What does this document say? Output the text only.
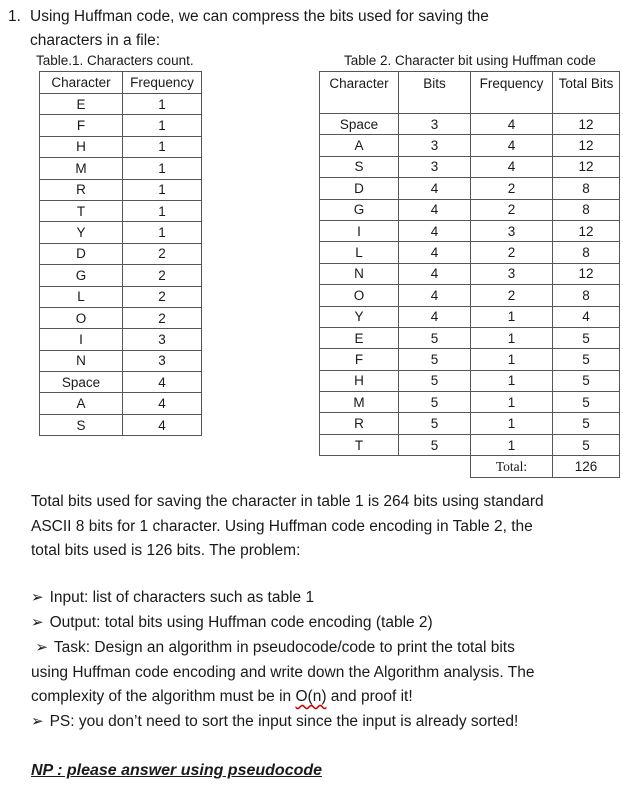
1. Using Huffman code, we can compress the bits used for saving the
characters in a file:
Table.1. Characters count.	Table 2. Character bit using Huffman code
Character	Frequency
E	1
F	1
H	1
M	1
R	1
T	1
Y	1
D	2
G	2
L	2
O	2
I	3
N	3
Space	4
A	4
S	4
Character	Bits	Frequency	Total Bits
Space	3	4	12
A	3	4	12
S	3	4	12
D	4	2	8
G	4	2	8
I	4	3	12
L	4	2	8
N	4	3	12
O	4	2	8
Y	4	1	4
E	5	1	5
F	5	1	5
H	5	1	5
M	5	1	5
R	5	1	5
T	5	1	5
		Total:	126
Total bits used for saving the character in table 1 is 264 bits using standard
ASCII 8 bits for 1 character. Using Huffman code encoding in Table 2, the
total bits used is 126 bits. The problem:
➢ Input: list of characters such as table 1
➢ Output: total bits using Huffman code encoding (table 2)
➢ Task: Design an algorithm in pseudocode/code to print the total bits
using Huffman code encoding and write down the Algorithm analysis. The
complexity of the algorithm must be in O(n) and proof it!
➢ PS: you don’t need to sort the input since the input is already sorted!
NP : please answer using pseudocode
